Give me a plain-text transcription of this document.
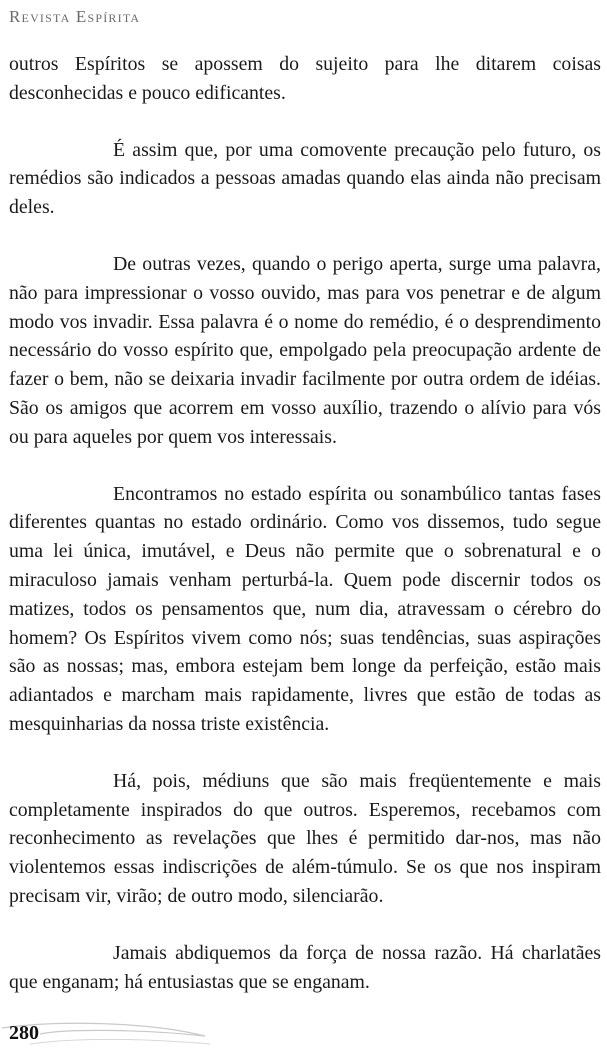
Revista Espírita

outros Espíritos se apossem do sujeito para lhe ditarem coisas desconhecidas e pouco edificantes.

É assim que, por uma comovente precaução pelo futuro, os remédios são indicados a pessoas amadas quando elas ainda não precisam deles.

De outras vezes, quando o perigo aperta, surge uma palavra, não para impressionar o vosso ouvido, mas para vos penetrar e de algum modo vos invadir. Essa palavra é o nome do remédio, é o desprendimento necessário do vosso espírito que, empolgado pela preocupação ardente de fazer o bem, não se deixaria invadir facilmente por outra ordem de idéias. São os amigos que acorrem em vosso auxílio, trazendo o alívio para vós ou para aqueles por quem vos interessais.

Encontramos no estado espírita ou sonambúlico tantas fases diferentes quantas no estado ordinário. Como vos dissemos, tudo segue uma lei única, imutável, e Deus não permite que o sobrenatural e o miraculoso jamais venham perturbá-la. Quem pode discernir todos os matizes, todos os pensamentos que, num dia, atravessam o cérebro do homem? Os Espíritos vivem como nós; suas tendências, suas aspirações são as nossas; mas, embora estejam bem longe da perfeição, estão mais adiantados e marcham mais rapidamente, livres que estão de todas as mesquinharias da nossa triste existência.

Há, pois, médiuns que são mais freqüentemente e mais completamente inspirados do que outros. Esperemos, recebamos com reconhecimento as revelações que lhes é permitido dar-nos, mas não violentemos essas indiscrições de além-túmulo. Se os que nos inspiram precisam vir, virão; de outro modo, silenciarão.

Jamais abdiquemos da força de nossa razão. Há charlatães que enganam; há entusiastas que se enganam.

280
